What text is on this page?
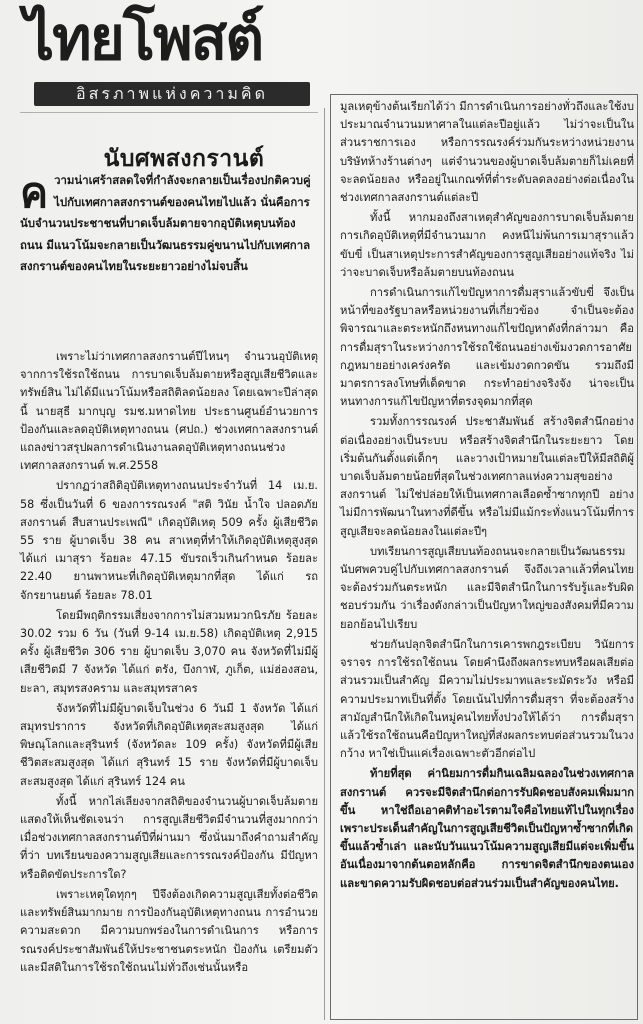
ไทยโพสต์
อิสรภาพแห่งความคิด
นับศพสงกรานต์
ค วามน่าเศร้าสลดใจที่กำลังจะกลายเป็นเรื่องปกติควบคู่ไปกับเทศกาลสงกรานต์ของคนไทยไปแล้ว นั่นคือการนับจำนวนประชาชนที่บาดเจ็บล้มตายจากอุบัติเหตุบนท้องถนน มีแนวโน้มจะกลายเป็นวัฒนธรรมคู่ขนานไปกับเทศกาลสงกรานต์ของคนไทยในระยะยาวอย่างไม่จบสิ้น

เพราะไม่ว่าเทศกาลสงกรานต์ปีไหนๆ จำนวนอุบัติเหตุจากการใช้รถใช้ถนน การบาดเจ็บล้มตายหรือสูญเสียชีวิตและทรัพย์สิน ไม่ได้มีแนวโน้มหรือสถิติลดน้อยลง โดยเฉพาะปีล่าสุดนี้ นายสุธี มากบุญ รมช.มหาดไทย ประธานศูนย์อำนวยการป้องกันและลดอุบัติเหตุทางถนน (ศปถ.) ช่วงเทศกาลสงกรานต์ แถลงข่าวสรุปผลการดำเนินงานลดอุบัติเหตุทางถนนช่วงเทศกาลสงกรานต์ พ.ศ.2558

ปรากฏว่าสถิติอุบัติเหตุทางถนนประจำวันที่ 14 เม.ย. 58 ซึ่งเป็นวันที่ 6 ของการรณรงค์ "สติ วินัย น้ำใจ ปลอดภัยสงกรานต์ สืบสานประเพณี" เกิดอุบัติเหตุ 509 ครั้ง ผู้เสียชีวิต 55 ราย ผู้บาดเจ็บ 38 คน สาเหตุที่ทำให้เกิดอุบัติเหตุสูงสุด ได้แก่ เมาสุรา ร้อยละ 47.15 ขับรถเร็วเกินกำหนด ร้อยละ 22.40 ยานพาหนะที่เกิดอุบัติเหตุมากที่สุด ได้แก่ รถจักรยานยนต์ ร้อยละ 78.01

โดยมีพฤติกรรมเสี่ยงจากการไม่สวมหมวกนิรภัย ร้อยละ 30.02 รวม 6 วัน (วันที่ 9-14 เม.ย.58) เกิดอุบัติเหตุ 2,915 ครั้ง ผู้เสียชีวิต 306 ราย ผู้บาดเจ็บ 3,070 คน จังหวัดที่ไม่มีผู้เสียชีวิตมี 7 จังหวัด ได้แก่ ตรัง, บึงกาฬ, ภูเก็ต, แม่ฮ่องสอน, ยะลา, สมุทรสงคราม และสมุทรสาคร

จังหวัดที่ไม่มีผู้บาดเจ็บในช่วง 6 วันมี 1 จังหวัด ได้แก่ สมุทรปราการ จังหวัดที่เกิดอุบัติเหตุสะสมสูงสุด ได้แก่ พิษณุโลกและสุรินทร์ (จังหวัดละ 109 ครั้ง) จังหวัดที่มีผู้เสียชีวิตสะสมสูงสุด ได้แก่ สุรินทร์ 15 ราย จังหวัดที่มีผู้บาดเจ็บสะสมสูงสุด ได้แก่ สุรินทร์ 124 คน

ทั้งนี้ หากไล่เลียงจากสถิติของจำนวนผู้บาดเจ็บล้มตาย แสดงให้เห็นชัดเจนว่า การสูญเสียชีวิตมีจำนวนที่สูงมากกว่าเมื่อช่วงเทศกาลสงกรานต์ปีที่ผ่านมา ซึ่งนั่นมาถึงคำถามสำคัญที่ว่า บทเรียนของความสูญเสียและการรณรงค์ป้องกัน มีปัญหาหรือติดขัดประการใด?

เพราะเหตุใดทุกๆ ปีจึงต้องเกิดความสูญเสียทั้งต่อชีวิตและทรัพย์สินมากมาย การป้องกันอุบัติเหตุทางถนน การอำนวยความสะดวก มีความบกพร่องในการดำเนินการ หรือการรณรงค์ประชาสัมพันธ์ให้ประชาชนตระหนัก ป้องกัน เตรียมตัว และมีสติในการใช้รถใช้ถนนไม่ทั่วถึงเช่นนั้นหรือ

มูลเหตุข้างต้นเรียกได้ว่า มีการดำเนินการอย่างทั่วถึงและใช้งบประมาณจำนวนมหาศาลในแต่ละปีอยู่แล้ว ไม่ว่าจะเป็นในส่วนราชการเอง หรือการรณรงค์ร่วมกันระหว่างหน่วยงานบริษัทห้างร้านต่างๆ แต่จำนวนของผู้บาดเจ็บล้มตายก็ไม่เคยที่จะลดน้อยลง หรืออยู่ในเกณฑ์ที่ต่ำระดับลดลงอย่างต่อเนื่องในช่วงเทศกาลสงกรานต์แต่ละปี

ทั้งนี้ หากมองถึงสาเหตุสำคัญของการบาดเจ็บล้มตาย การเกิดอุบัติเหตุที่มีจำนวนมาก คงหนีไม่พ้นการเมาสุราแล้วขับขี่ เป็นสาเหตุประการสำคัญของการสูญเสียอย่างแท้จริง ไม่ว่าจะบาดเจ็บหรือล้มตายบนท้องถนน

การดำเนินการแก้ไขปัญหาการดื่มสุราแล้วขับขี่ จึงเป็นหน้าที่ของรัฐบาลหรือหน่วยงานที่เกี่ยวข้อง จำเป็นจะต้องพิจารณาและตระหนักถึงหนทางแก้ไขปัญหาดังที่กล่าวมา คือการดื่มสุราในระหว่างการใช้รถใช้ถนนอย่างเข้มงวดการอาศัยกฎหมายอย่างเคร่งครัด และเข้มงวดกวดขัน รวมถึงมีมาตรการลงโทษที่เด็ดขาด กระทำอย่างจริงจัง น่าจะเป็นหนทางการแก้ไขปัญหาที่ตรงจุดมากที่สุด

รวมทั้งการรณรงค์ ประชาสัมพันธ์ สร้างจิตสำนึกอย่างต่อเนื่องอย่างเป็นระบบ หรือสร้างจิตสำนึกในระยะยาว โดยเริ่มต้นกันตั้งแต่เด็กๆ และวางเป้าหมายในแต่ละปีให้มีสถิติผู้บาดเจ็บล้มตายน้อยที่สุดในช่วงเทศกาลแห่งความสุขอย่างสงกรานต์ ไม่ใช่ปล่อยให้เป็นเทศกาลเลือดซ้ำซากทุกปี อย่างไม่มีการพัฒนาในทางที่ดีขึ้น หรือไม่มีแม้กระทั่งแนวโน้มที่การสูญเสียจะลดน้อยลงในแต่ละปีๆ

บทเรียนการสูญเสียบนท้องถนนจะกลายเป็นวัฒนธรรมนับศพควบคู่ไปกับเทศกาลสงกรานต์ จึงถึงเวลาแล้วที่คนไทยจะต้องร่วมกันตระหนัก และมีจิตสำนึกในการรับรู้และรับผิดชอบร่วมกัน ว่าเรื่องดังกล่าวเป็นปัญหาใหญ่ของสังคมที่มีความยอกย้อนไปเรียบ

ช่วยกันปลุกจิตสำนึกในการเคารพกฎระเบียบ วินัยการจราจร การใช้รถใช้ถนน โดยคำนึงถึงผลกระทบหรือผลเสียต่อส่วนรวมเป็นสำคัญ มีความไม่ประมาทและระมัดระวัง หรือมีความประมาทเป็นที่ตั้ง โดยเน้นไปที่การดื่มสุรา ที่จะต้องสร้างสามัญสำนึกให้เกิดในหมู่คนไทยทั้งปวงให้ได้ว่า การดื่มสุราแล้วใช้รถใช้ถนนคือปัญหาใหญ่ที่ส่งผลกระทบต่อส่วนรวมในวงกว้าง หาใช่เป็นแค่เรื่องเฉพาะตัวอีกต่อไป

ท้ายที่สุด ค่านิยมการดื่มกินเฉลิมฉลองในช่วงเทศกาลสงกรานต์ ควรจะมีจิตสำนึกต่อการรับผิดชอบสังคมเพิ่มมากขึ้น หาใช่ถือเอาคติทำอะไรตามใจคือไทยแท้ไปในทุกเรื่อง เพราะประเด็นสำคัญในการสูญเสียชีวิตเป็นปัญหาซ้ำซากที่เกิดขึ้นแล้วซ้ำเล่า และนับวันแนวโน้มความสูญเสียมีแต่จะเพิ่มขึ้น อันเนื่องมาจากต้นตอหลักคือ การขาดจิตสำนึกของตนเอง และขาดความรับผิดชอบต่อส่วนร่วมเป็นสำคัญของคนไทย.
